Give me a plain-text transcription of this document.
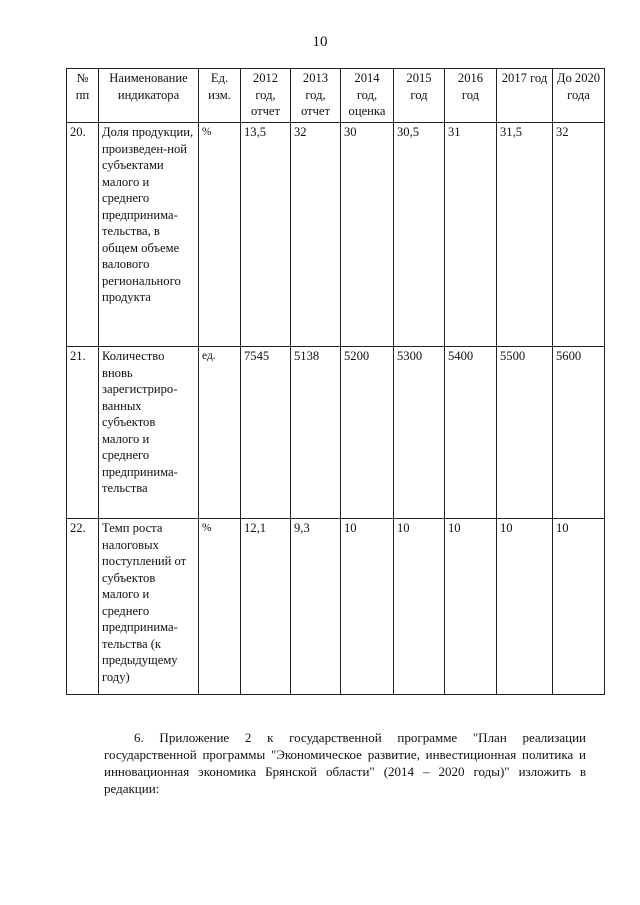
10
№ пп	Наименование индикатора	Ед. изм.	2012 год, отчет	2013 год, отчет	2014 год, оценка	2015 год	2016 год	2017 год	До 2020 года
20.	Доля продукции, произведен-ной субъектами малого и среднего предпринима-тельства, в общем объеме валового регионального продукта	%	13,5	32	30	30,5	31	31,5	32
21.	Количество вновь зарегистриро-ванных субъектов малого и среднего предпринима-тельства	ед.	7545	5138	5200	5300	5400	5500	5600
22.	Темп роста налоговых поступлений от субъектов малого и среднего предпринима-тельства (к предыдущему году)	%	12,1	9,3	10	10	10	10	10

6. Приложение 2 к государственной программе "План реализации государственной программы "Экономическое развитие, инвестиционная политика и инновационная экономика Брянской области" (2014 – 2020 годы)" изложить в редакции:
